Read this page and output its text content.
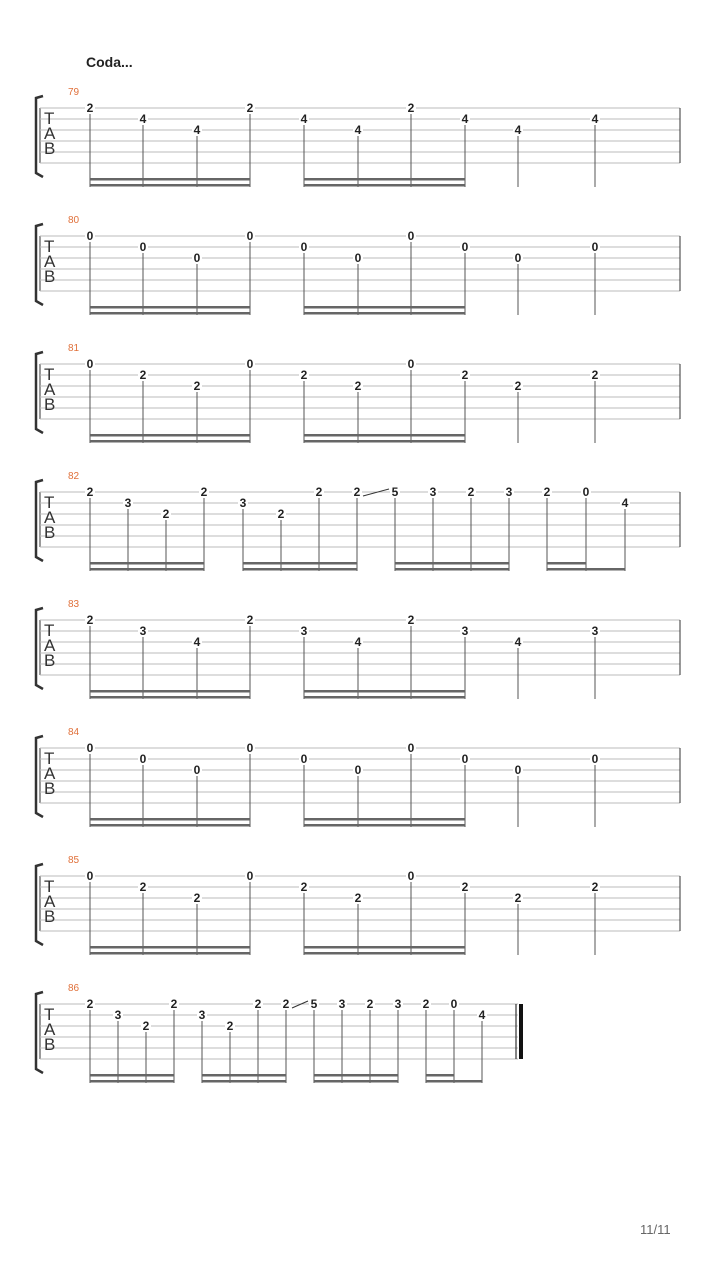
Coda...
T
A
B
79
2
4
4
2
4
4
2
4
4
4
T
A
B
80
0
0
0
0
0
0
0
0
0
0
T
A
B
81
0
2
2
0
2
2
0
2
2
2
T
A
B
82
2
3
2
2
3
2
2	2	5	3	2	3	2	0
4
T
A
B
83
2
3
4
2
3
4
2
3
4
3
T
A
B
84
0
0
0
0
0
0
0
0
0
0
T
A
B
85
0
2
2
0
2
2
0
2
2
2
T
A
B
86
2
3
2
2
3
2
2 2 5 3 2 3 2 0
4
11/11
